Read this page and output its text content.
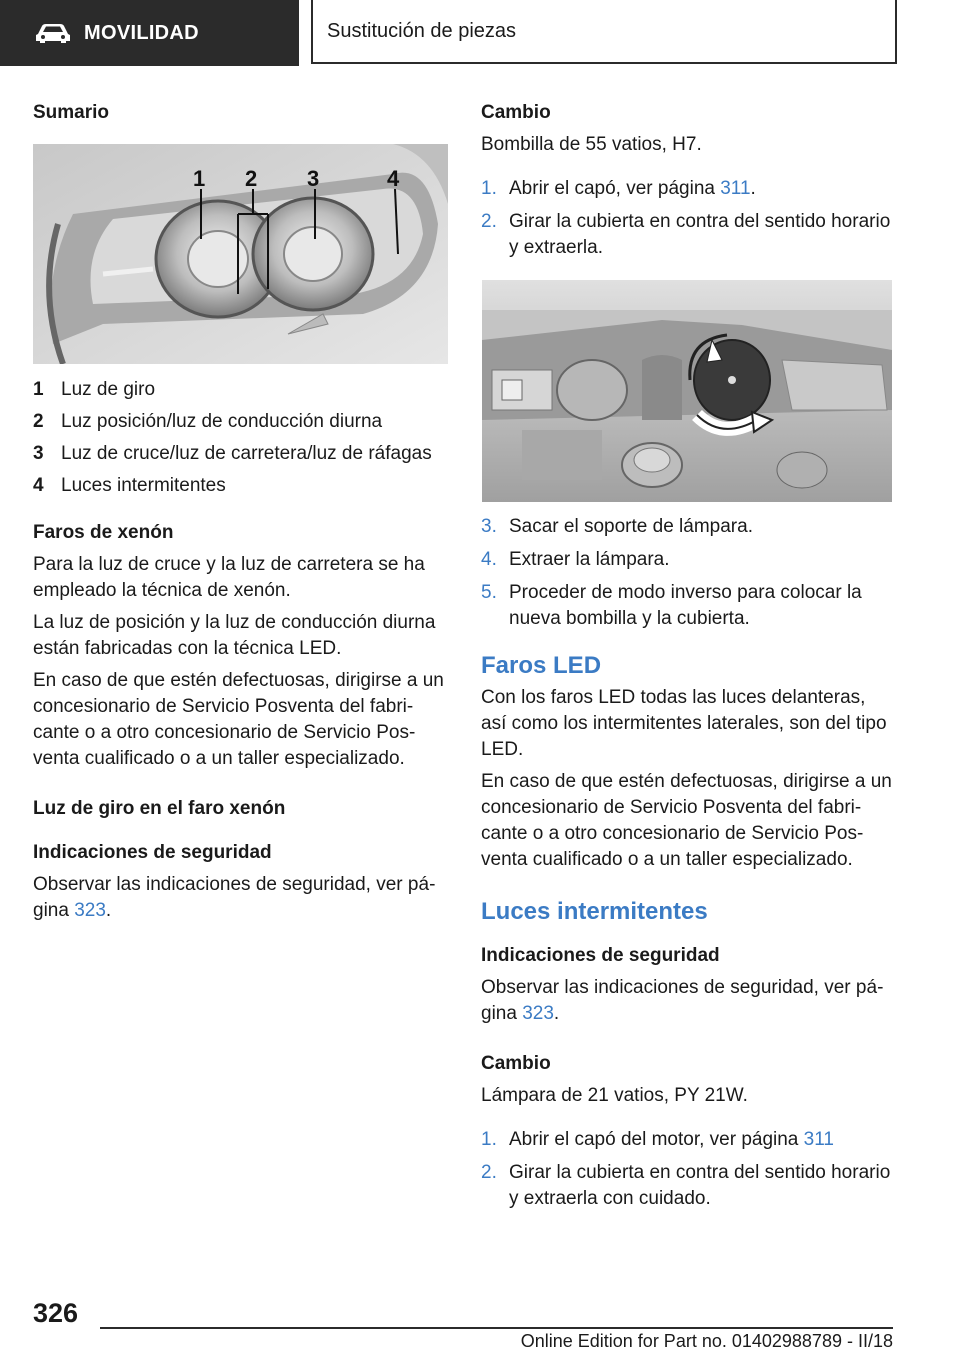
MOVILIDAD	Sustitución de piezas
Sumario
1 2 3	4
1 Luz de giro
2 Luz posición/luz de conducción diurna
3 Luz de cruce/luz de carretera/luz de ráfagas
4 Luces intermitentes
Faros de xenón

Para la luz de cruce y la luz de carretera se ha empleado la técnica de xenón.

La luz de posición y la luz de conducción diurna están fabricadas con la técnica LED.

En caso de que estén defectuosas, dirigirse a un concesionario de Servicio Posventa del fabricante o a otro concesionario de Servicio Posventa cualificado o a un taller especializado.

Luz de giro en el faro xenón
Indicaciones de seguridad

Observar las indicaciones de seguridad, ver página 323.

Cambio

Bombilla de 55 vatios, H7.

1. Abrir el capó, ver página 311.
2. Girar la cubierta en contra del sentido horario y extraerla.
3. Sacar el soporte de lámpara.
4. Extraer la lámpara.
5. Proceder de modo inverso para colocar la nueva bombilla y la cubierta.
Faros LED

Con los faros LED todas las luces delanteras, así como los intermitentes laterales, son del tipo LED.

En caso de que estén defectuosas, dirigirse a un concesionario de Servicio Posventa del fabricante o a otro concesionario de Servicio Posventa cualificado o a un taller especializado.

Luces intermitentes
Indicaciones de seguridad

Observar las indicaciones de seguridad, ver página 323.

Cambio

Lámpara de 21 vatios, PY 21W.

1. Abrir el capó del motor, ver página 311
2. Girar la cubierta en contra del sentido horario y extraerla con cuidado.
326
Online Edition for Part no. 01402988789 - II/18
